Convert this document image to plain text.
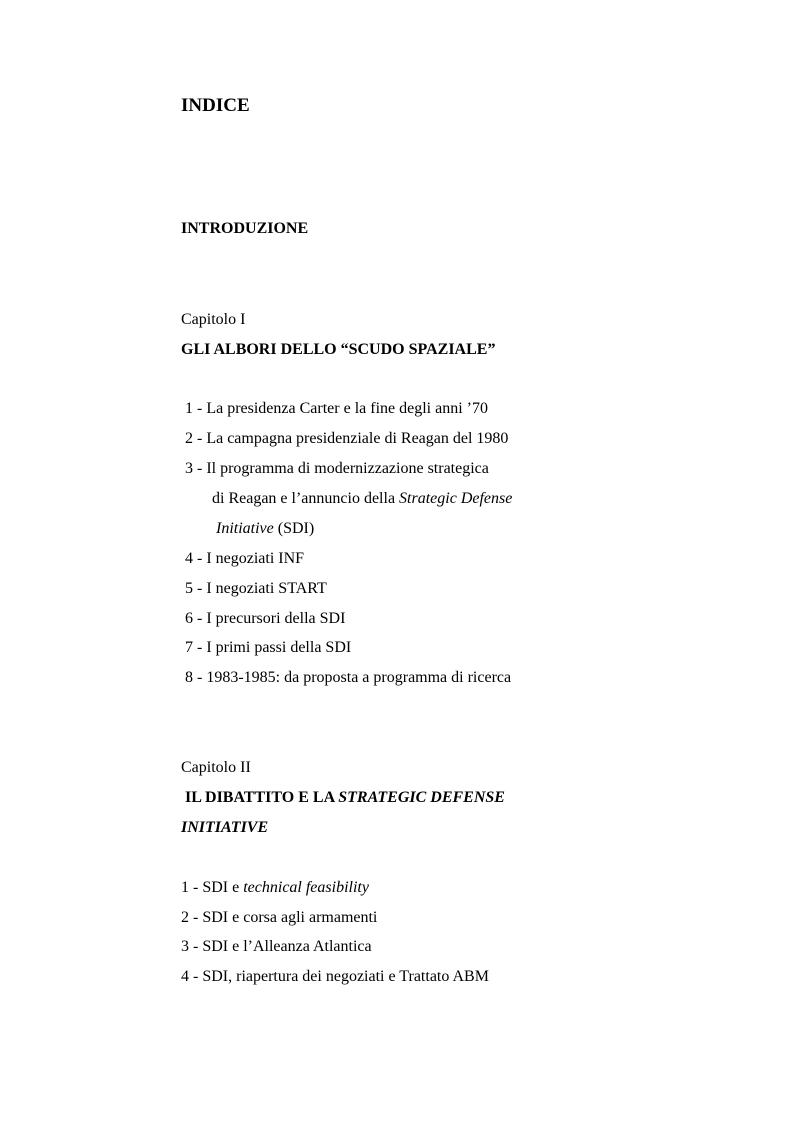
INDICE
INTRODUZIONE
Capitolo I
GLI ALBORI DELLO “SCUDO SPAZIALE”
1 - La presidenza Carter e la fine degli anni ’70
2 - La campagna presidenziale di Reagan del 1980
3 - Il programma di modernizzazione strategica
di Reagan e l’annuncio della Strategic Defense
Initiative (SDI)
4 - I negoziati INF
5 - I negoziati START
6 - I precursori della SDI
7 - I primi passi della SDI
8 - 1983-1985: da proposta a programma di ricerca
Capitolo II
IL DIBATTITO E LA STRATEGIC DEFENSE
INITIATIVE
1 - SDI e technical feasibility
2 - SDI e corsa agli armamenti
3 - SDI e l’Alleanza Atlantica
4 - SDI, riapertura dei negoziati e Trattato ABM
